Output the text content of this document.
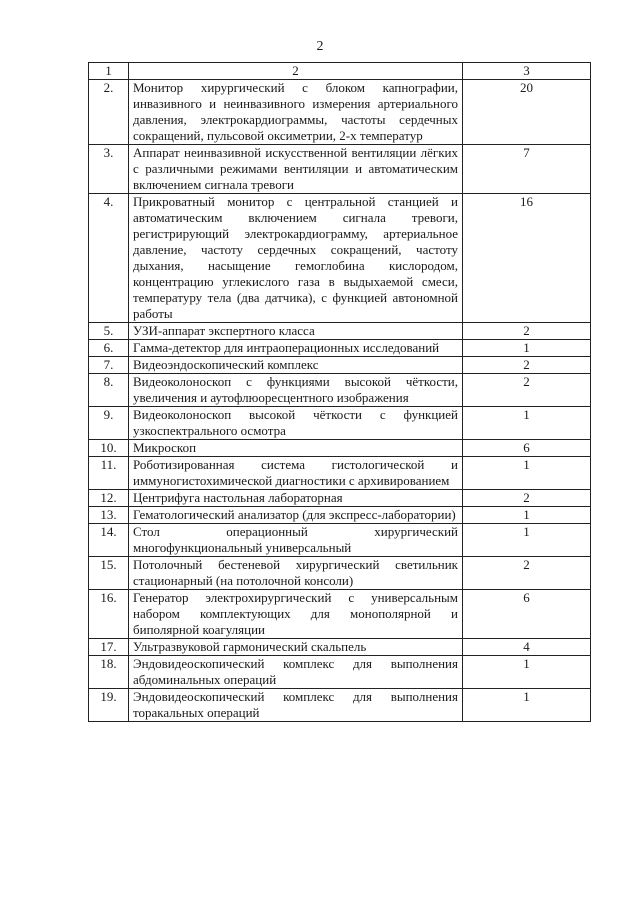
2
1	2	3
2.	Монитор хирургический с блоком капнографии, инвазивного и неинвазивного измерения артериального давления, электрокардиограммы, частоты сердечных сокращений, пульсовой оксиметрии, 2-х температур	20
3.	Аппарат неинвазивной искусственной вентиляции лёгких с различными режимами вентиляции и автоматическим включением сигнала тревоги	7
4.	Прикроватный монитор с центральной станцией и автоматическим включением сигнала тревоги, регистрирующий электрокардиограмму, артериальное давление, частоту сердечных сокращений, частоту дыхания, насыщение гемоглобина кислородом, концентрацию углекислого газа в выдыхаемой смеси, температуру тела (два датчика), с функцией автономной работы	16
5.	УЗИ-аппарат экспертного класса	2
6.	Гамма-детектор для интраоперационных исследований	1
7.	Видеоэндоскопический комплекс	2
8.	Видеоколоноскоп с функциями высокой чёткости, увеличения и аутофлюоресцентного изображения	2
9.	Видеоколоноскоп высокой чёткости с функцией узкоспектрального осмотра	1
10.	Микроскоп	6
11.	Роботизированная система гистологической и иммуногистохимической диагностики с архивированием	1
12.	Центрифуга настольная лабораторная	2
13.	Гематологический анализатор (для экспресс-лаборатории)	1
14.	Стол операционный хирургический многофункциональный универсальный	1
15.	Потолочный бестеневой хирургический светильник стационарный (на потолочной консоли)	2
16.	Генератор электрохирургический с универсальным набором комплектующих для монополярной и биполярной коагуляции	6
17.	Ультразвуковой гармонический скальпель	4
18.	Эндовидеоскопический комплекс для выполнения абдоминальных операций	1
19.	Эндовидеоскопический комплекс для выполнения торакальных операций	1
